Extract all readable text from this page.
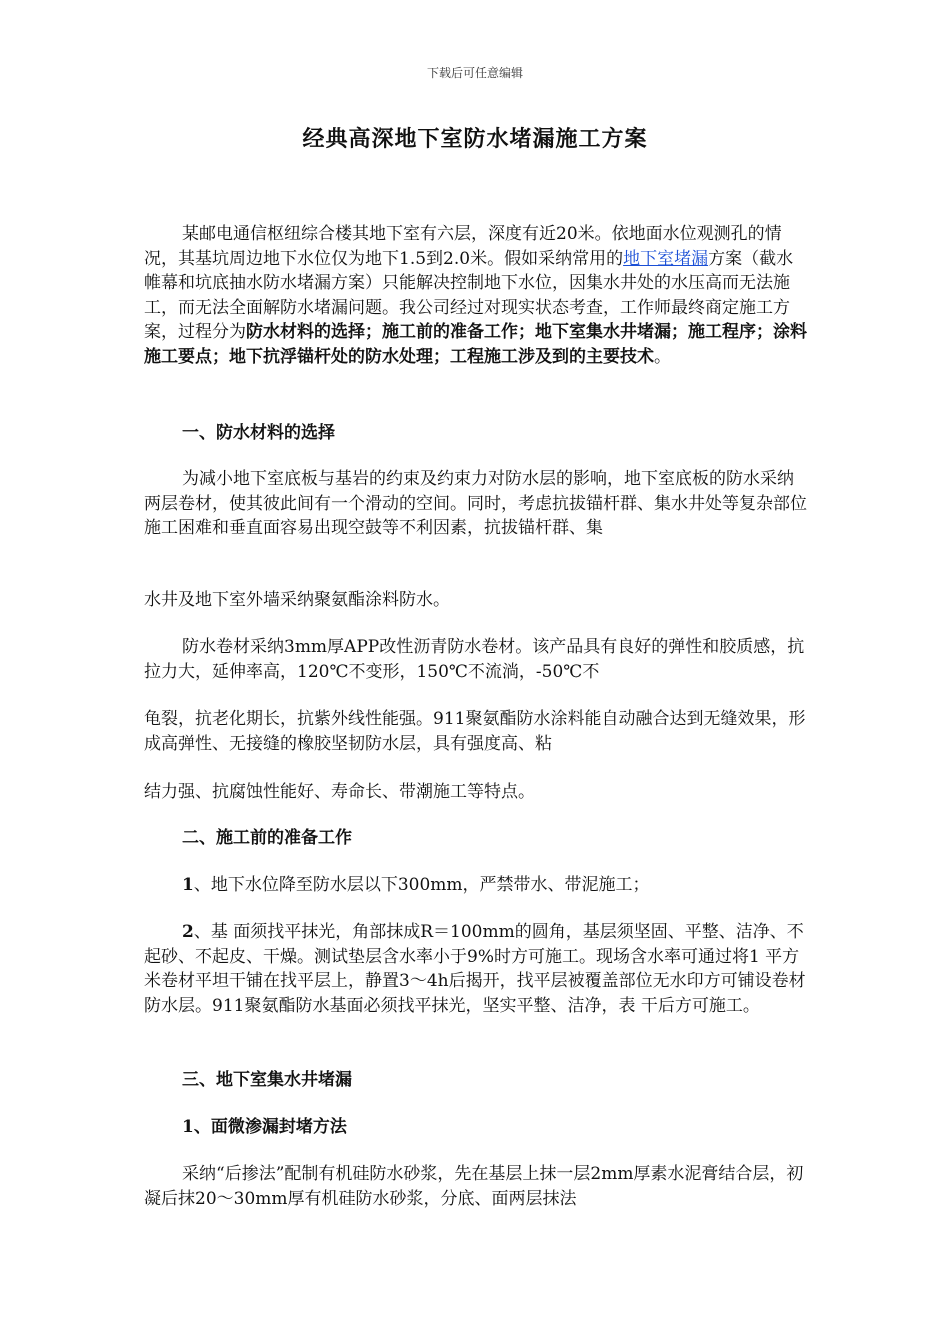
下载后可任意编辑
经典高深地下室防水堵漏施工方案
某邮电通信枢纽综合楼其地下室有六层，深度有近20米。依地面水位观测孔的情况，其基坑周边地下水位仅为地下1.5到2.0米。假如采纳常用的地下室堵漏方案（截水帷幕和坑底抽水防水堵漏方案）只能解决控制地下水位，因集水井处的水压高而无法施工，而无法全面解防水堵漏问题。我公司经过对现实状态考查，工作师最终商定施工方案，过程分为防水材料的选择；施工前的准备工作；地下室集水井堵漏；施工程序；涂料施工要点；地下抗浮锚杆处的防水处理；工程施工涉及到的主要技术。
一、防水材料的选择
为减小地下室底板与基岩的约束及约束力对防水层的影响，地下室底板的防水采纳两层卷材，使其彼此间有一个滑动的空间。同时，考虑抗拔锚杆群、集水井处等复杂部位施工困难和垂直面容易出现空鼓等不利因素，抗拔锚杆群、集
水井及地下室外墙采纳聚氨酯涂料防水。
防水卷材采纳3mm厚APP改性沥青防水卷材。该产品具有良好的弹性和胶质感，抗拉力大，延伸率高，120℃不变形，150℃不流淌，-50℃不
龟裂，抗老化期长，抗紫外线性能强。911聚氨酯防水涂料能自动融合达到无缝效果，形成高弹性、无接缝的橡胶坚韧防水层，具有强度高、粘
结力强、抗腐蚀性能好、寿命长、带潮施工等特点。
二、施工前的准备工作
1、地下水位降至防水层以下300mm，严禁带水、带泥施工；
2、基 面须找平抹光，角部抹成R＝100mm的圆角，基层须坚固、平整、洁净、不起砂、不起皮、干燥。测试垫层含水率小于9%时方可施工。现场含水率可通过将1 平方米卷材平坦干铺在找平层上，静置3～4h后揭开，找平层被覆盖部位无水印方可铺设卷材防水层。911聚氨酯防水基面必须找平抹光，坚实平整、洁净，表 干后方可施工。
三、地下室集水井堵漏
1、面微渗漏封堵方法
采纳“后掺法”配制有机硅防水砂浆，先在基层上抹一层2mm厚素水泥膏结合层，初凝后抹20～30mm厚有机硅防水砂浆，分底、面两层抹法
